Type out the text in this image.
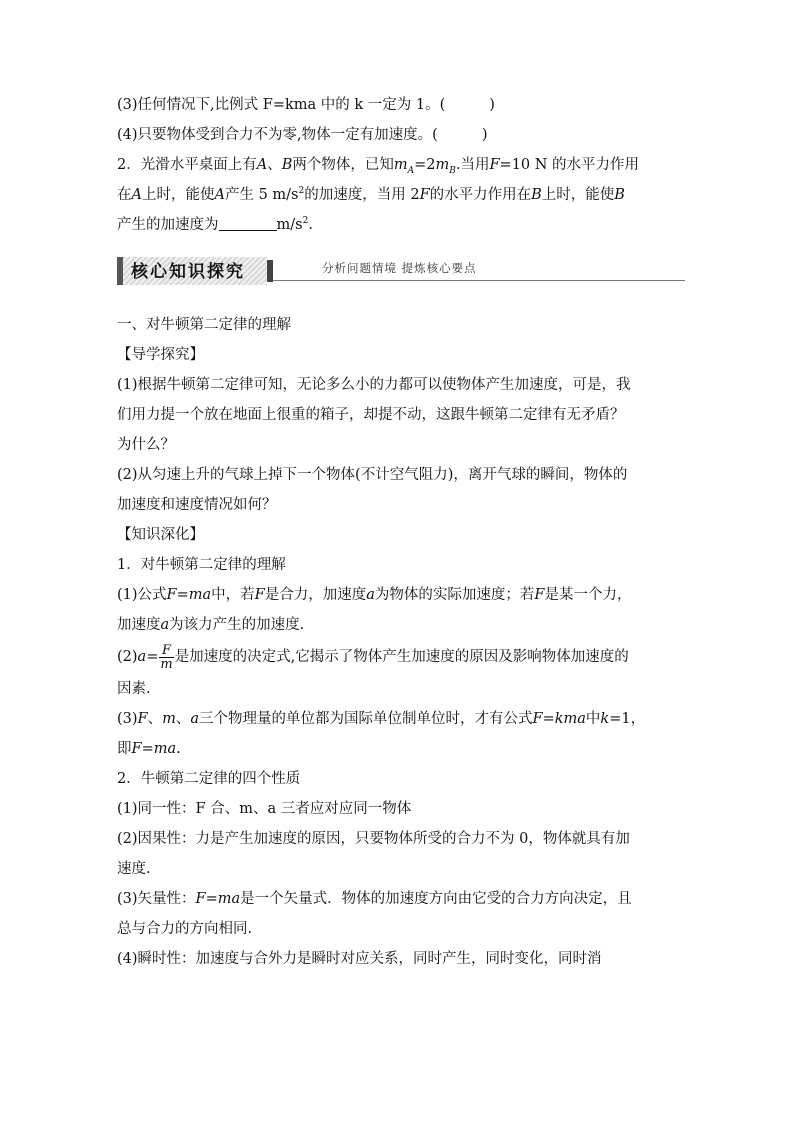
(3)任何情况下,比例式 F=kma 中的 k 一定为 1。(	)

(4)只要物体受到合力不为零,物体一定有加速度。(	)

2．光滑水平桌面上有A、B两个物体，已知$m_A=2m_B$.当用F=10 N 的水平力作用

在A上时，能使A产生 5 $m/s^2$的加速度，当用 2F的水平力作用在B上时，能使B

产生的加速度为	$m/s^2$.

核心知识探究	分析问题情境 提炼核心要点

一、对牛顿第二定律的理解

【导学探究】

(1)根据牛顿第二定律可知，无论多么小的力都可以使物体产生加速度，可是，我

们用力提一个放在地面上很重的箱子，却提不动，这跟牛顿第二定律有无矛盾？

为什么？

(2)从匀速上升的气球上掉下一个物体(不计空气阻力)，离开气球的瞬间，物体的

加速度和速度情况如何？

【知识深化】

1．对牛顿第二定律的理解

(1)公式F=ma中，若F是合力，加速度a为物体的实际加速度；若F是某一个力，

加速度a为该力产生的加速度.

$(2)a= \frac{F}{m}$ 是加速度的决定式,它揭示了物体产生加速度的原因及影响物体加速度的

因素.

(3)F、m、a三个物理量的单位都为国际单位制单位时，才有公式F=kma中k=1，

即F=ma.

2．牛顿第二定律的四个性质

(1)同一性：F 合、m、a 三者应对应同一物体

(2)因果性：力是产生加速度的原因，只要物体所受的合力不为 0，物体就具有加

速度.

(3)矢量性：F=ma是一个矢量式．物体的加速度方向由它受的合力方向决定，且

总与合力的方向相同.

(4)瞬时性：加速度与合外力是瞬时对应关系，同时产生，同时变化，同时消
